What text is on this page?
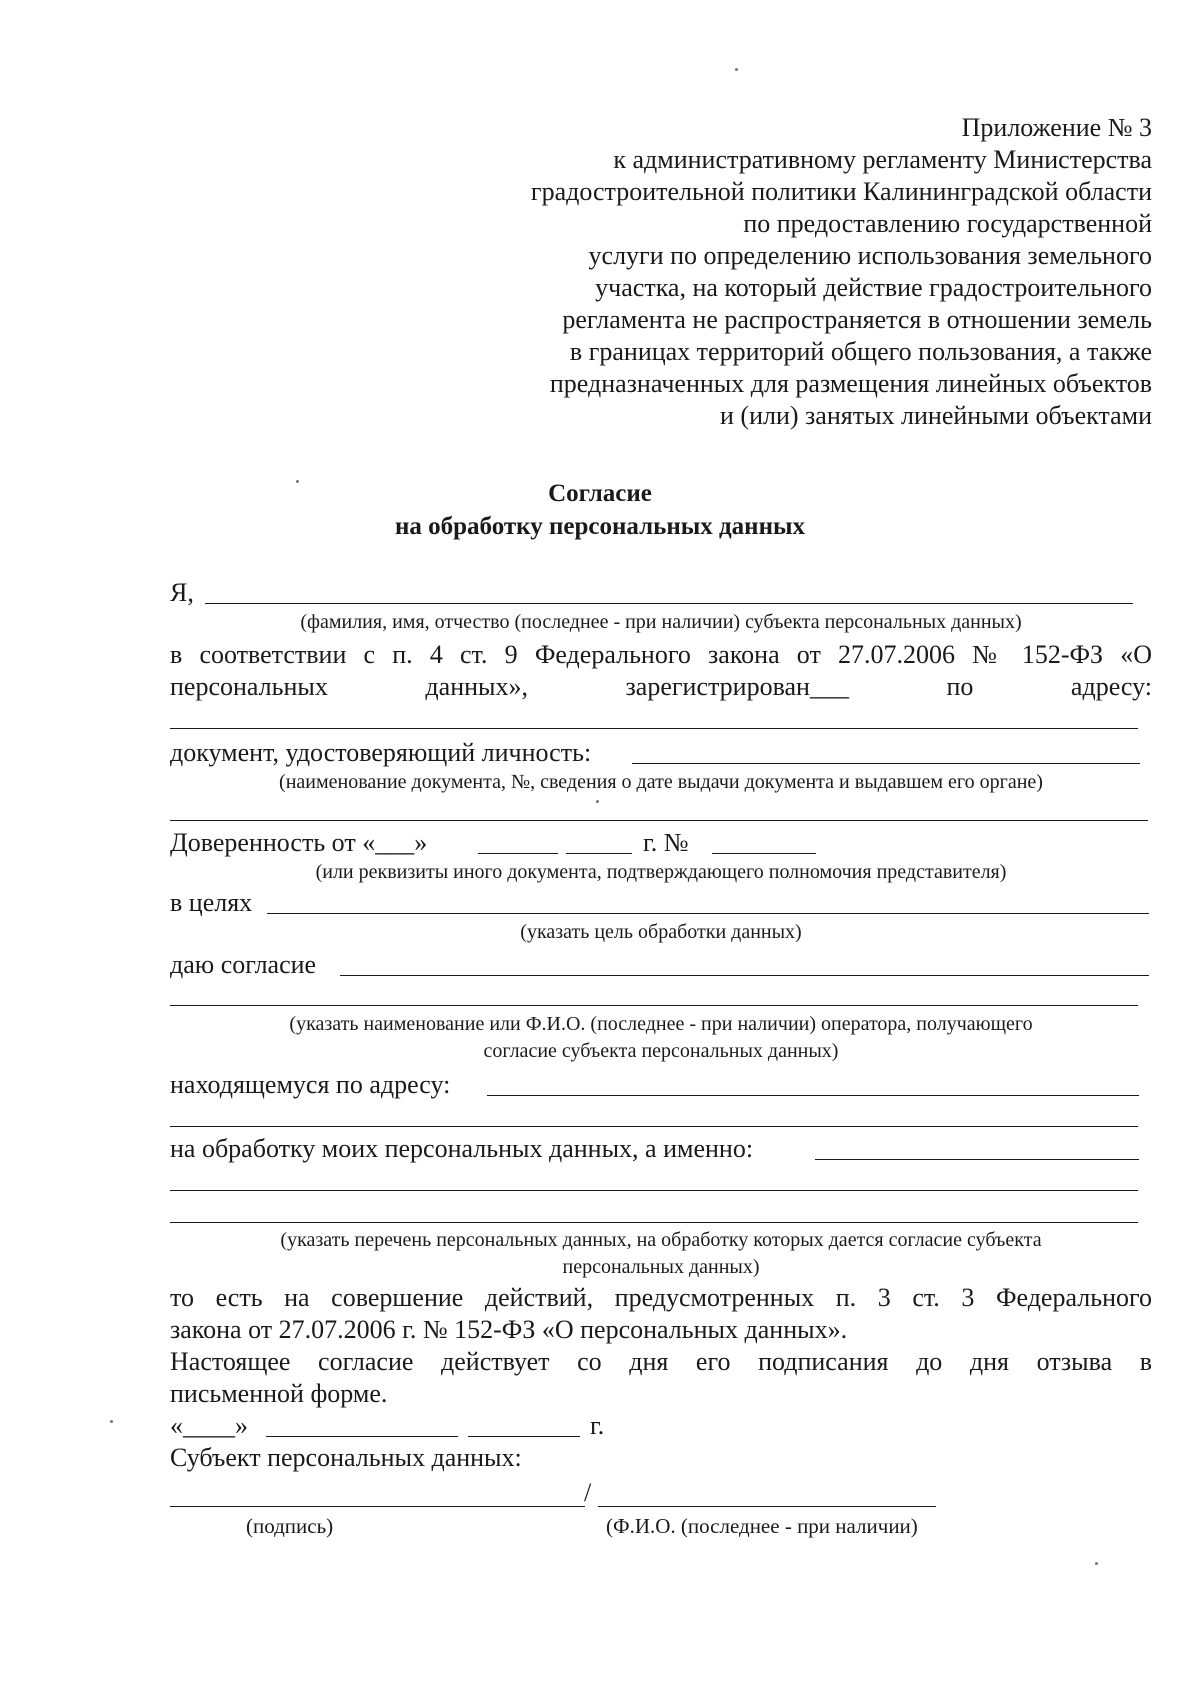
Приложение № 3
к административному регламенту Министерства
градостроительной политики Калининградской области
по предоставлению государственной
услуги по определению использования земельного
участка, на который действие градостроительного
регламента не распространяется в отношении земель
в границах территорий общего пользования, а также
предназначенных для размещения линейных объектов
и (или) занятых линейными объектами
Согласие
на обработку персональных данных
Я,
(фамилия, имя, отчество (последнее - при наличии) субъекта персональных данных)
в соответствии с п. 4 ст. 9 Федерального закона от 27.07.2006 № 152-ФЗ «О
персональных	данных»,	зарегистрирован___	по	адресу:
документ, удостоверяющий личность:
(наименование документа, №, сведения о дате выдачи документа и выдавшем его органе)
Доверенность от «___»	г. №
(или реквизиты иного документа, подтверждающего полномочия представителя)
в целях
(указать цель обработки данных)
даю согласие
(указать наименование или Ф.И.О. (последнее - при наличии) оператора, получающего
согласие субъекта персональных данных)
находящемуся по адресу:
на обработку моих персональных данных, а именно:
(указать перечень персональных данных, на обработку которых дается согласие субъекта
персональных данных)
то есть на совершение действий, предусмотренных п. 3 ст. 3 Федерального
закона от 27.07.2006 г. № 152-ФЗ «О персональных данных».
Настоящее согласие действует со дня его подписания до дня отзыва в
письменной форме.
«____»	г.
Субъект персональных данных:
/
(подпись)	(Ф.И.О. (последнее - при наличии)
